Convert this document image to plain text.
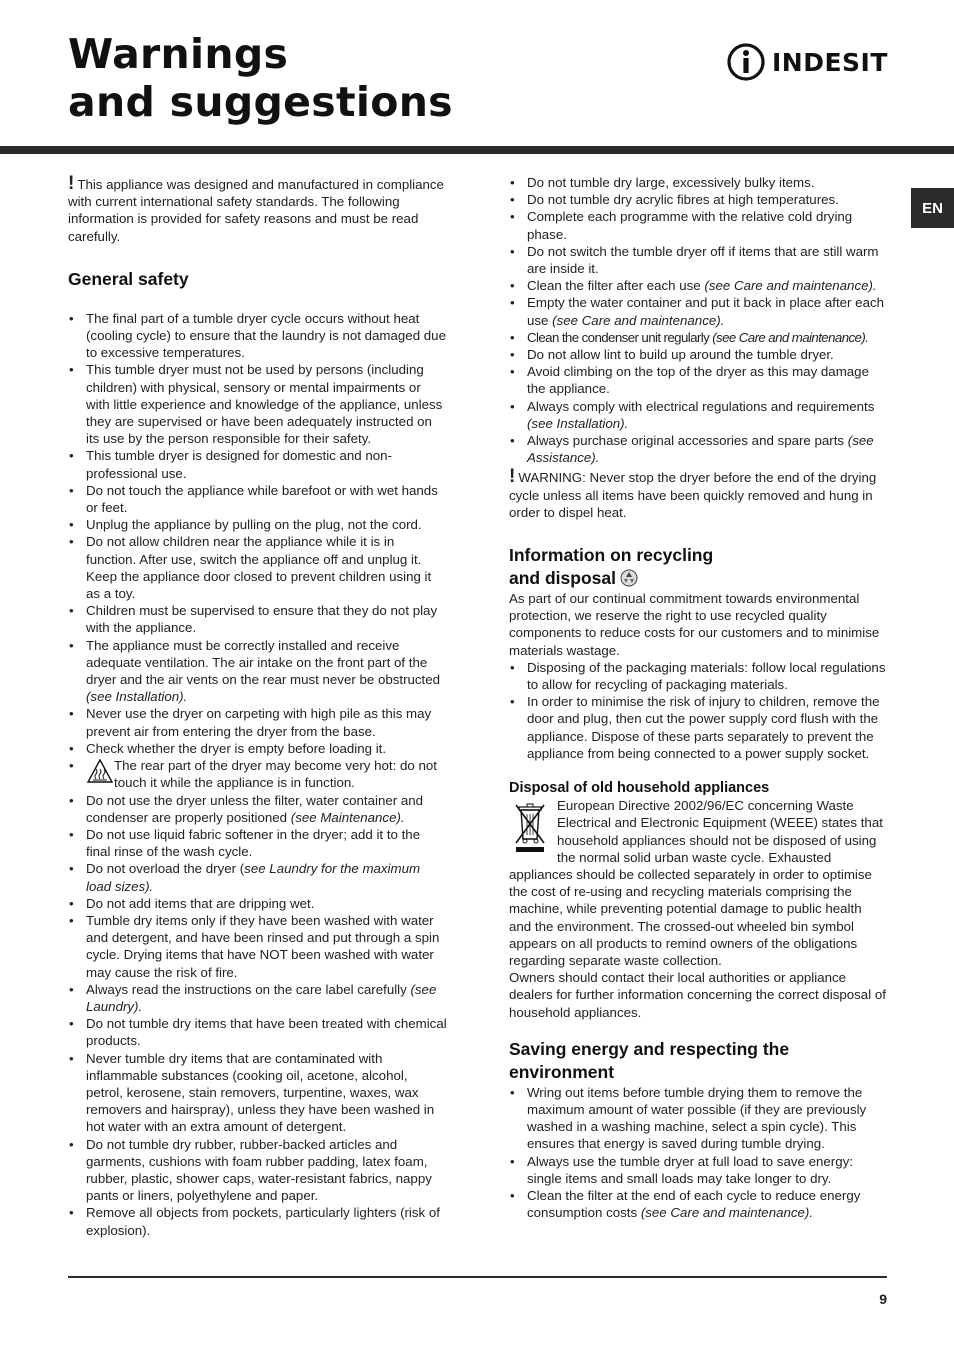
Warnings
and suggestions
INDESIT
EN

! This appliance was designed and manufactured in compliance with current international safety standards. The following information is provided for safety reasons and must be read carefully.

General safety
• The final part of a tumble dryer cycle occurs without heat (cooling cycle) to ensure that the laundry is not damaged due to excessive temperatures.
• This tumble dryer must not be used by persons (including children) with physical, sensory or mental impairments or with little experience and knowledge of the appliance, unless they are supervised or have been adequately instructed on its use by the person responsible for their safety.
• This tumble dryer is designed for domestic and non-professional use.
• Do not touch the appliance while barefoot or with wet hands or feet.
• Unplug the appliance by pulling on the plug, not the cord.
• Do not allow children near the appliance while it is in function. After use, switch the appliance off and unplug it. Keep the appliance door closed to prevent children using it as a toy.
• Children must be supervised to ensure that they do not play with the appliance.
• The appliance must be correctly installed and receive adequate ventilation. The air intake on the front part of the dryer and the air vents on the rear must never be obstructed (see Installation).
• Never use the dryer on carpeting with high pile as this may prevent air from entering the dryer from the base.
• Check whether the dryer is empty before loading it.
• The rear part of the dryer may become very hot: do not touch it while the appliance is in function.
• Do not use the dryer unless the filter, water container and condenser are properly positioned (see Maintenance).
• Do not use liquid fabric softener in the dryer; add it to the final rinse of the wash cycle.
• Do not overload the dryer (see Laundry for the maximum load sizes).
• Do not add items that are dripping wet.
• Tumble dry items only if they have been washed with water and detergent, and have been rinsed and put through a spin cycle. Drying items that have NOT been washed with water may cause the risk of fire.
• Always read the instructions on the care label carefully (see Laundry).
• Do not tumble dry items that have been treated with chemical products.
• Never tumble dry items that are contaminated with inflammable substances (cooking oil, acetone, alcohol, petrol, kerosene, stain removers, turpentine, waxes, wax removers and hairspray), unless they have been washed in hot water with an extra amount of detergent.
• Do not tumble dry rubber, rubber-backed articles and garments, cushions with foam rubber padding, latex foam, rubber, plastic, shower caps, water-resistant fabrics, nappy pants or liners, polyethylene and paper.
• Remove all objects from pockets, particularly lighters (risk of explosion).
• Do not tumble dry large, excessively bulky items.
• Do not tumble dry acrylic fibres at high temperatures.
• Complete each programme with the relative cold drying phase.
• Do not switch the tumble dryer off if items that are still warm are inside it.
• Clean the filter after each use (see Care and maintenance).
• Empty the water container and put it back in place after each use (see Care and maintenance).
• Clean the condenser unit regularly (see Care and maintenance).
• Do not allow lint to build up around the tumble dryer.
• Avoid climbing on the top of the dryer as this may damage the appliance.
• Always comply with electrical regulations and requirements (see Installation).
• Always purchase original accessories and spare parts (see Assistance).

! WARNING: Never stop the dryer before the end of the drying cycle unless all items have been quickly removed and hung in order to dispel heat.

Information on recycling
and disposal

As part of our continual commitment towards environmental protection, we reserve the right to use recycled quality components to reduce costs for our customers and to minimise materials wastage.

• Disposing of the packaging materials: follow local regulations to allow for recycling of packaging materials.
• In order to minimise the risk of injury to children, remove the door and plug, then cut the power supply cord flush with the appliance. Dispose of these parts separately to prevent the appliance from being connected to a power supply socket.
Disposal of old household appliances

European Directive 2002/96/EC concerning Waste Electrical and Electronic Equipment (WEEE) states that household appliances should not be disposed of using the normal solid urban waste cycle. Exhausted appliances should be collected separately in order to optimise the cost of re-using and recycling materials comprising the machine, while preventing potential damage to public health and the environment. The crossed-out wheeled bin symbol appears on all products to remind owners of the obligations regarding separate waste collection.

Owners should contact their local authorities or appliance dealers for further information concerning the correct disposal of household appliances.

Saving energy and respecting the
environment
• Wring out items before tumble drying them to remove the maximum amount of water possible (if they are previously washed in a washing machine, select a spin cycle). This ensures that energy is saved during tumble drying.
• Always use the tumble dryer at full load to save energy: single items and small loads may take longer to dry.
• Clean the filter at the end of each cycle to reduce energy consumption costs (see Care and maintenance).
9
